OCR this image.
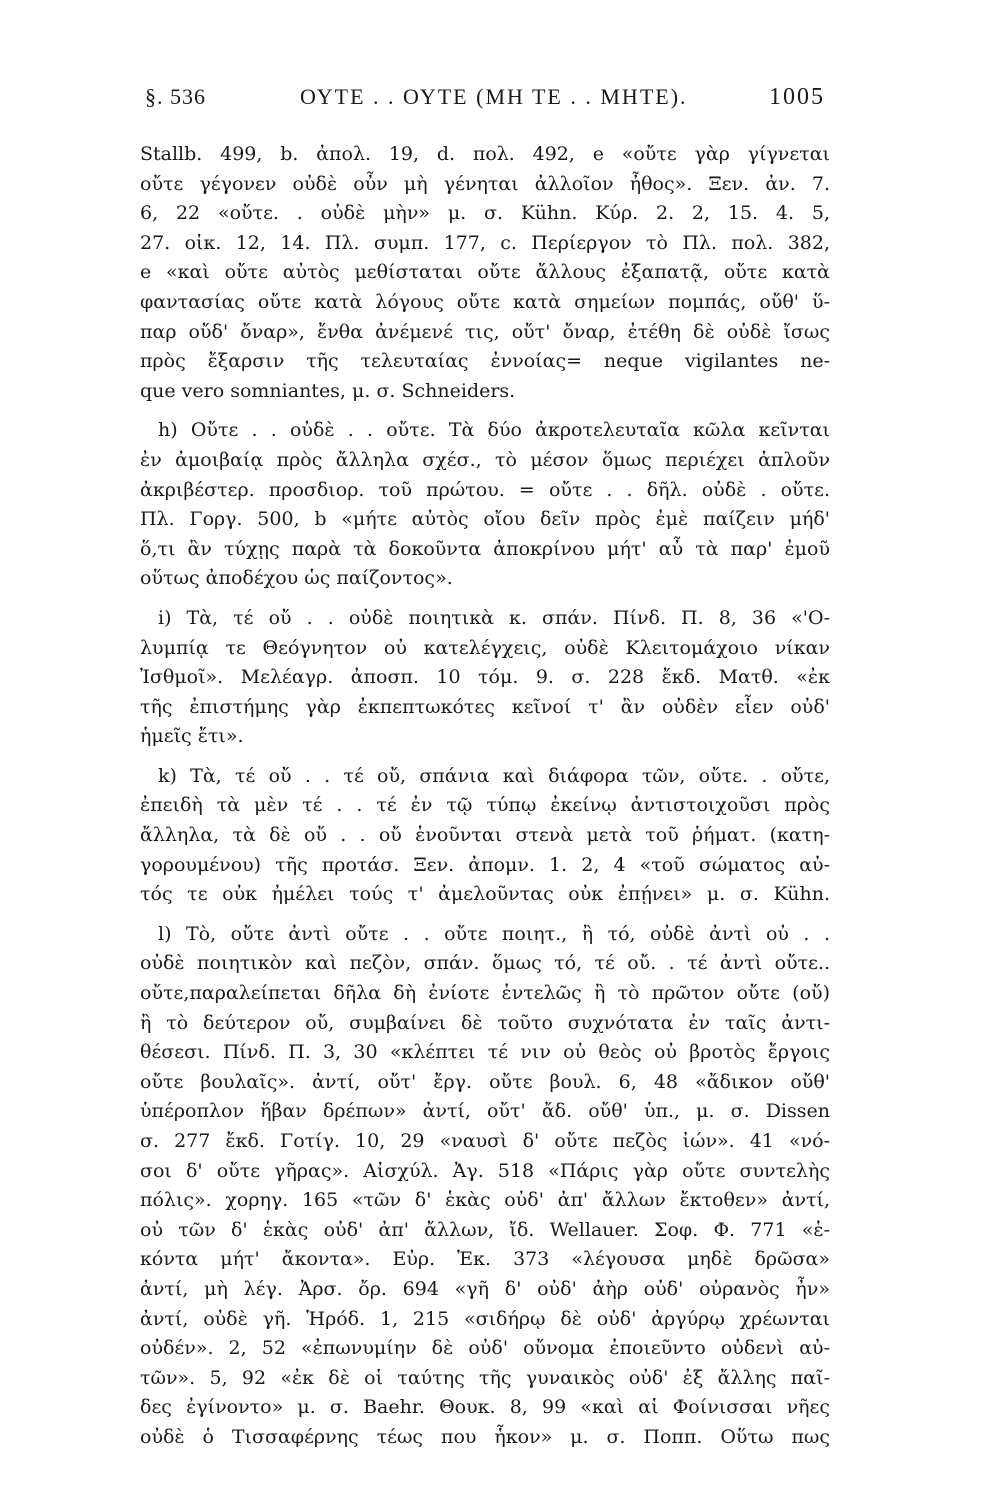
§. 536	ΟΥΤΕ . . ΟΥΤΕ (ΜΗ ΤΕ . . ΜΗΤΕ).	1005
Stallb. 499, b. ἀπολ. 19, d. πολ. 492, e «οὔτε γὰρ γίγνεται
οὔτε γέγονεν οὐδὲ οὖν μὴ γένηται ἀλλοῖον ἦθος». Ξεν. ἀν. 7.
6, 22 «οὔτε. . οὐδὲ μὴν» μ. σ. Kühn. Κύρ. 2. 2, 15. 4. 5,
27. οἰκ. 12, 14. Πλ. συμπ. 177, c. Περίεργον τὸ Πλ. πολ. 382,
e «καὶ οὔτε αὐτὸς μεθίσταται οὔτε ἄλλους ἐξαπατᾷ, οὔτε κατὰ
φαντασίας οὔτε κατὰ λόγους οὔτε κατὰ σημείων πομπάς, οὔθ' ὕ-
παρ οὔδ' ὄναρ», ἔνθα ἀνέμενέ τις, οὔτ' ὄναρ, ἐτέθη δὲ οὐδὲ ἴσως
πρὸς ἔξαρσιν τῆς τελευταίας ἐννοίας= neque vigilantes ne-
que vero somniantes, μ. σ. Schneiders.
h) Οὔτε . . οὐδὲ . . οὔτε. Τὰ δύο ἀκροτελευταῖα κῶλα κεῖνται
ἐν ἀμοιβαίᾳ πρὸς ἄλληλα σχέσ., τὸ μέσον ὅμως περιέχει ἁπλοῦν
ἀκριβέστερ. προσδιορ. τοῦ πρώτου. = οὔτε . . δῆλ. οὐδὲ . οὔτε.
Πλ. Γοργ. 500, b «μήτε αὐτὸς οἴου δεῖν πρὸς ἐμὲ παίζειν μήδ'
ὅ,τι ἂν τύχῃς παρὰ τὰ δοκοῦντα ἀποκρίνου μήτ' αὖ τὰ παρ' ἐμοῦ
οὕτως ἀποδέχου ὡς παίζοντος».
i) Τὰ, τέ οὔ . . οὐδὲ ποιητικὰ κ. σπάν. Πίνδ. Π. 8, 36 «'Ο-
λυμπίᾳ τε Θεόγνητον οὐ κατελέγχεις, οὐδὲ Κλειτομάχοιο νίκαν
Ἰσθμοῖ». Μελέαγρ. ἀποσπ. 10 τόμ. 9. σ. 228 ἔκδ. Ματθ. «ἐκ
τῆς ἐπιστήμης γὰρ ἐκπεπτωκότες κεῖνοί τ' ἂν οὐδὲν εἶεν οὐδ'
ἡμεῖς ἔτι».
k) Τὰ, τέ οὔ . . τέ οὔ, σπάνια καὶ διάφορα τῶν, οὔτε. . οὔτε,
ἐπειδὴ τὰ μὲν τέ . . τέ ἐν τῷ τύπῳ ἐκείνῳ ἀντιστοιχοῦσι πρὸς
ἄλληλα, τὰ δὲ οὔ . . οὔ ἑνοῦνται στενὰ μετὰ τοῦ ῥήματ. (κατη-
γορουμένου) τῆς προτάσ. Ξεν. ἀπομν. 1. 2, 4 «τοῦ σώματος αὐ-
τός τε οὐκ ἠμέλει τούς τ' ἀμελοῦντας οὐκ ἐπῄνει» μ. σ. Kühn.
l) Τὸ, οὔτε ἀντὶ οὔτε . . οὔτε ποιητ., ἢ τό, οὐδὲ ἀντὶ οὐ . .
οὐδὲ ποιητικὸν καὶ πεζὸν, σπάν. ὅμως τό, τέ οὔ. . τέ ἀντὶ οὔτε..
οὔτε,παραλείπεται δῆλα δὴ ἐνίοτε ἐντελῶς ἢ τὸ πρῶτον οὔτε (οὔ)
ἢ τὸ δεύτερον οὔ, συμβαίνει δὲ τοῦτο συχνότατα ἐν ταῖς ἀντι-
θέσεσι. Πίνδ. Π. 3, 30 «κλέπτει τέ νιν οὐ θεὸς οὐ βροτὸς ἔργοις
οὔτε βουλαῖς». ἀντί, οὔτ' ἔργ. οὔτε βουλ. 6, 48 «ἄδικον οὔθ'
ὑπέροπλον ἥβαν δρέπων» ἀντί, οὔτ' ἄδ. οὔθ' ὑπ., μ. σ. Dissen
σ. 277 ἔκδ. Γοτίγ. 10, 29 «ναυσὶ δ' οὔτε πεζὸς ἰών». 41 «νό-
σοι δ' οὔτε γῆρας». Αἰσχύλ. Ἀγ. 518 «Πάρις γὰρ οὔτε συντελὴς
πόλις». χορηγ. 165 «τῶν δ' ἑκὰς οὐδ' ἀπ' ἄλλων ἔκτοθεν» ἀντί,
οὐ τῶν δ' ἑκὰς οὐδ' ἀπ' ἄλλων, ἴδ. Wellauer. Σοφ. Φ. 771 «ἑ-
κόντα μήτ' ἄκοντα». Εὐρ. Ἑκ. 373 «λέγουσα μηδὲ δρῶσα»
ἀντί, μὴ λέγ. Ἀρσ. ὄρ. 694 «γῆ δ' οὐδ' ἀὴρ οὐδ' οὐρανὸς ἦν»
ἀντί, οὐδὲ γῆ. Ἡρόδ. 1, 215 «σιδήρῳ δὲ οὐδ' ἀργύρῳ χρέωνται
οὐδέν». 2, 52 «ἐπωνυμίην δὲ οὐδ' οὔνομα ἐποιεῦντο οὐδενὶ αὐ-
τῶν». 5, 92 «ἐκ δὲ οἱ ταύτης τῆς γυναικὸς οὐδ' ἐξ ἄλλης παῖ-
δες ἐγίνοντο» μ. σ. Baehr. Θουκ. 8, 99 «καὶ αἱ Φοίνισσαι νῆες
οὐδὲ ὁ Τισσαφέρνης τέως που ἧκον» μ. σ. Ποππ. Οὕτω πως
